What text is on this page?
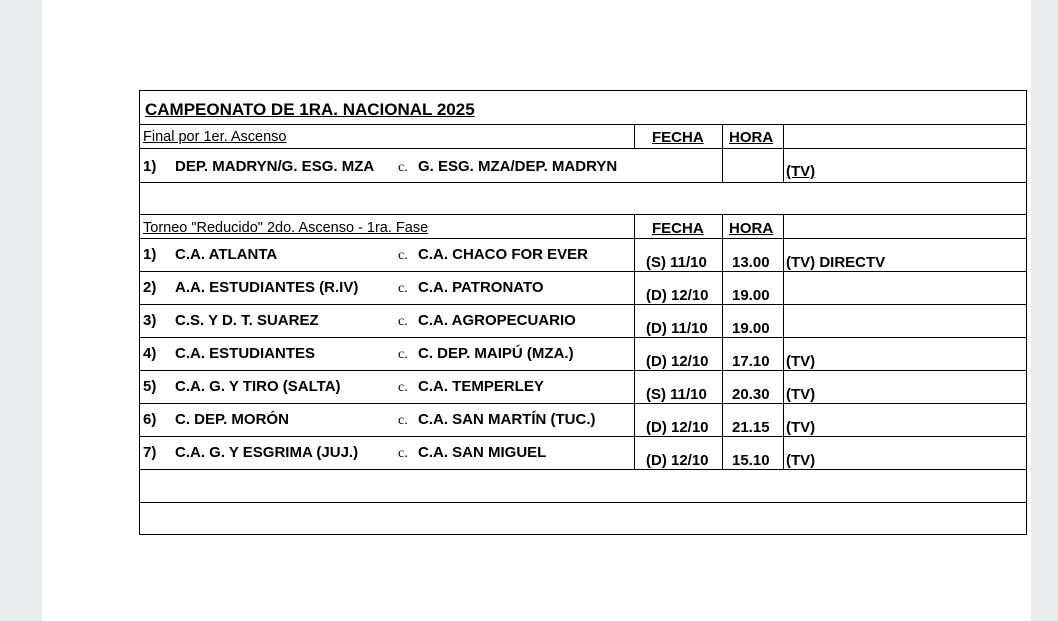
CAMPEONATO DE 1RA. NACIONAL 2025
Final por 1er. Ascenso	FECHA HORA
1) DEP. MADRYN/G. ESG. MZA c. G. ESG. MZA/DEP. MADRYN	(TV)
Torneo "Reducido" 2do. Ascenso - 1ra. Fase	FECHA HORA
1) C.A. ATLANTA	c. C.A. CHACO FOR EVER	(S) 11/10 13.00 (TV) DIRECTV
2) A.A. ESTUDIANTES (R.IV)	c. C.A. PATRONATO	(D) 12/10 19.00
3) C.S. Y D. T. SUAREZ	c. C.A. AGROPECUARIO	(D) 11/10 19.00
4) C.A. ESTUDIANTES	c. C. DEP. MAIPÚ (MZA.)	(D) 12/10 17.10 (TV)
5) C.A. G. Y TIRO (SALTA)	c. C.A. TEMPERLEY	(S) 11/10 20.30 (TV)
6) C. DEP. MORÓN	c. C.A. SAN MARTÍN (TUC.)	(D) 12/10 21.15 (TV)
7) C.A. G. Y ESGRIMA (JUJ.)	c. C.A. SAN MIGUEL	(D) 12/10 15.10 (TV)
